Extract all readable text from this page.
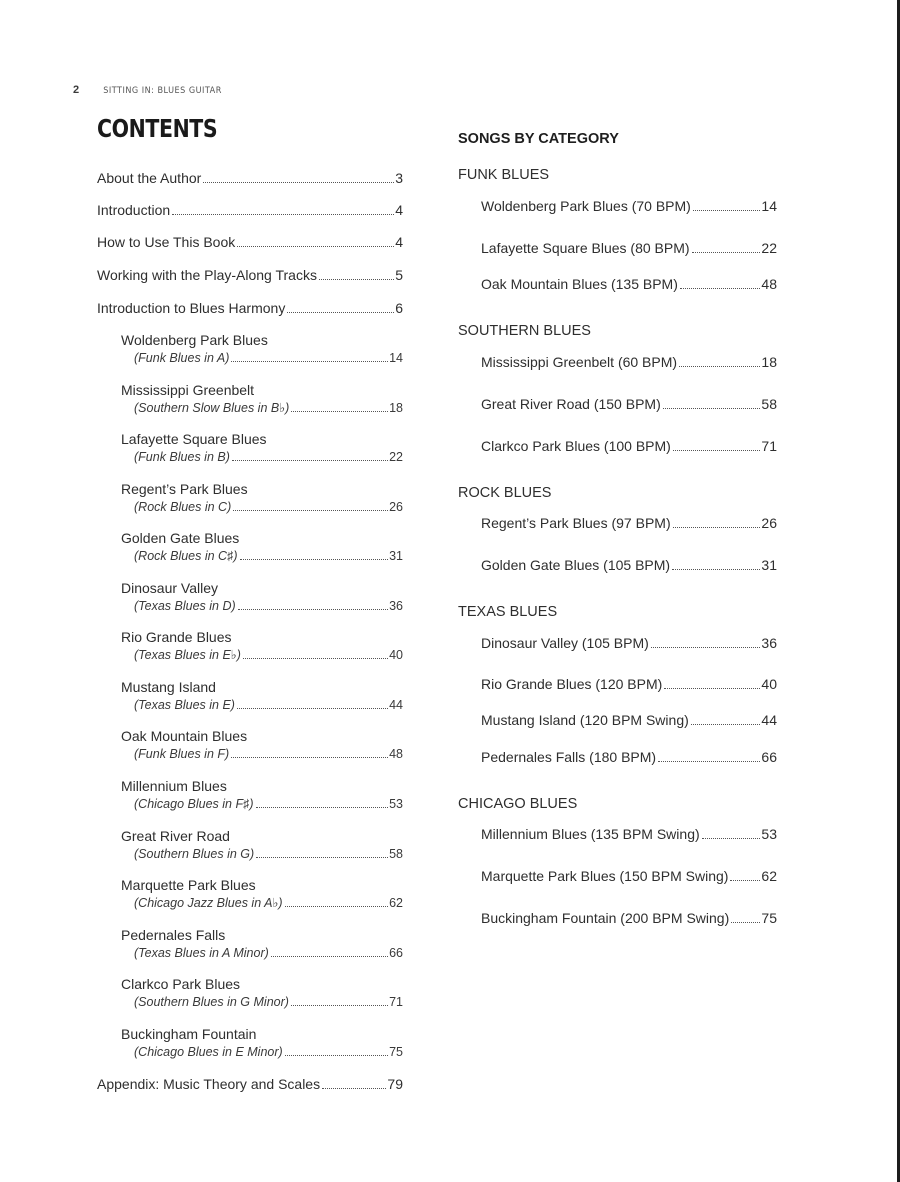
2	SITTING IN: BLUES GUITAR
CONTENTS
About the Author	3
Introduction	4
How to Use This Book	4
Working with the Play-Along Tracks	5
Introduction to Blues Harmony	6
Woldenberg Park Blues
(Funk Blues in A)	14
Mississippi Greenbelt
(Southern Slow Blues in B♭)	18
Lafayette Square Blues
(Funk Blues in B)	22
Regent’s Park Blues
(Rock Blues in C)	26
Golden Gate Blues
(Rock Blues in C♯)	31
Dinosaur Valley
(Texas Blues in D)	36
Rio Grande Blues
(Texas Blues in E♭)	40
Mustang Island
(Texas Blues in E)	44
Oak Mountain Blues
(Funk Blues in F)	48
Millennium Blues
(Chicago Blues in F♯)	53
Great River Road
(Southern Blues in G)	58
Marquette Park Blues
(Chicago Jazz Blues in A♭)	62
Pedernales Falls
(Texas Blues in A Minor)	66
Clarkco Park Blues
(Southern Blues in G Minor)	71
Buckingham Fountain
(Chicago Blues in E Minor)	75
Appendix: Music Theory and Scales	79
SONGS BY CATEGORY
FUNK BLUES
Woldenberg Park Blues (70 BPM)	14
Lafayette Square Blues (80 BPM)	22
Oak Mountain Blues (135 BPM)	48
SOUTHERN BLUES
Mississippi Greenbelt (60 BPM)	18
Great River Road (150 BPM)	58
Clarkco Park Blues (100 BPM)	71
ROCK BLUES
Regent’s Park Blues (97 BPM)	26
Golden Gate Blues (105 BPM)	31
TEXAS BLUES
Dinosaur Valley (105 BPM)	36
Rio Grande Blues (120 BPM)	40
Mustang Island (120 BPM Swing)	44
Pedernales Falls (180 BPM)	66
CHICAGO BLUES
Millennium Blues (135 BPM Swing)	53
Marquette Park Blues (150 BPM Swing) 62
Buckingham Fountain (200 BPM Swing) 75
